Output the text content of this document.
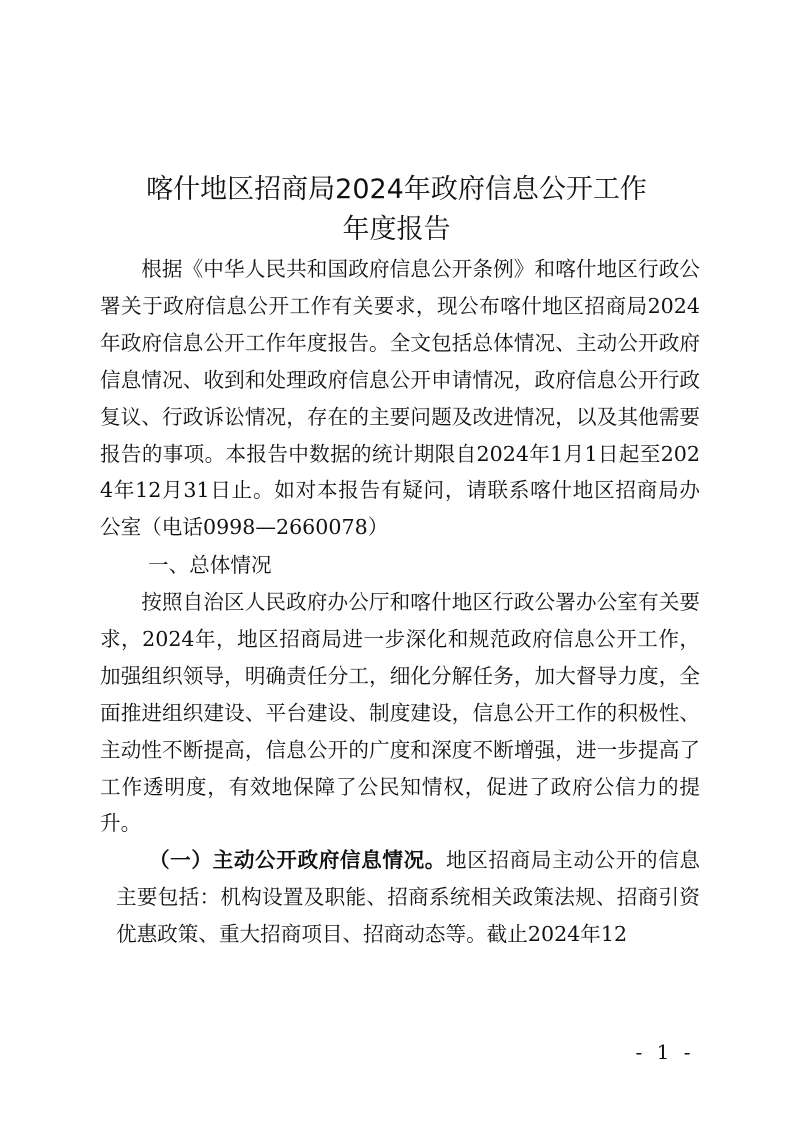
喀什地区招商局2024年政府信息公开工作
年度报告

根据《中华人民共和国政府信息公开条例》和喀什地区行政公署关于政府信息公开工作有关要求，现公布喀什地区招商局2024年政府信息公开工作年度报告。全文包括总体情况、主动公开政府信息情况、收到和处理政府信息公开申请情况，政府信息公开行政复议、行政诉讼情况，存在的主要问题及改进情况，以及其他需要报告的事项。本报告中数据的统计期限自2024年1月1日起至2024年12月31日止。如对本报告有疑问，请联系喀什地区招商局办公室（电话0998—2660078）

一、总体情况

按照自治区人民政府办公厅和喀什地区行政公署办公室有关要求，2024年，地区招商局进一步深化和规范政府信息公开工作，加强组织领导，明确责任分工，细化分解任务，加大督导力度，全面推进组织建设、平台建设、制度建设，信息公开工作的积极性、主动性不断提高，信息公开的广度和深度不断增强，进一步提高了工作透明度，有效地保障了公民知情权，促进了政府公信力的提升。

（一）主动公开政府信息情况。地区招商局主动公开的信息主要包括：机构设置及职能、招商系统相关政策法规、招商引资优惠政策、重大招商项目、招商动态等。截止2024年12

- 1 -
